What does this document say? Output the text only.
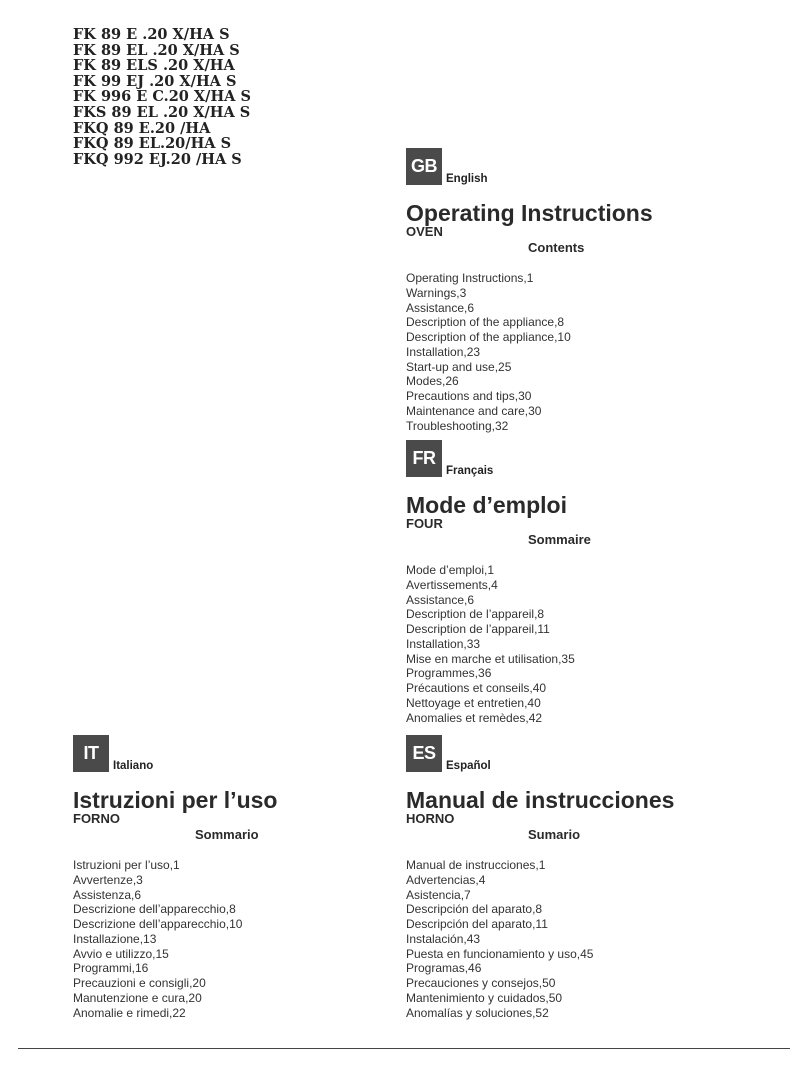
FK 89 E .20 X/HA S
FK 89 EL .20 X/HA S
FK 89 ELS .20 X/HA
FK 99 EJ .20 X/HA S
FK 996 E C.20 X/HA S
FKS 89 EL .20 X/HA S
FKQ 89 E.20 /HA
FKQ 89 EL.20/HA S
FKQ 992 EJ.20 /HA S	GB
English
Operating Instructions
OVEN
Contents
Operating Instructions,1
Warnings,3
Assistance,6
Description of the appliance,8
Description of the appliance,10
Installation,23
Start-up and use,25
Modes,26
Precautions and tips,30
Maintenance and care,30
Troubleshooting,32
FR
Français
Mode d’emploi
FOUR
Sommaire
Mode d’emploi,1
Avertissements,4
Assistance,6
Description de l’appareil,8
Description de l’appareil,11
Installation,33
Mise en marche et utilisation,35
Programmes,36
Précautions et conseils,40
Nettoyage et entretien,40
Anomalies et remèdes,42
IT
Italiano
Istruzioni per l’uso
FORNO
Sommario
Istruzioni per l’uso,1
Avvertenze,3
Assistenza,6
Descrizione dell’apparecchio,8
Descrizione dell’apparecchio,10
Installazione,13
Avvio e utilizzo,15
Programmi,16
Precauzioni e consigli,20
Manutenzione e cura,20
Anomalie e rimedi,22
ES
Español
Manual de instrucciones
HORNO
Sumario
Manual de instrucciones,1
Advertencias,4
Asistencia,7
Descripción del aparato,8
Descripción del aparato,11
Instalación,43
Puesta en funcionamiento y uso,45
Programas,46
Precauciones y consejos,50
Mantenimiento y cuidados,50
Anomalías y soluciones,52
